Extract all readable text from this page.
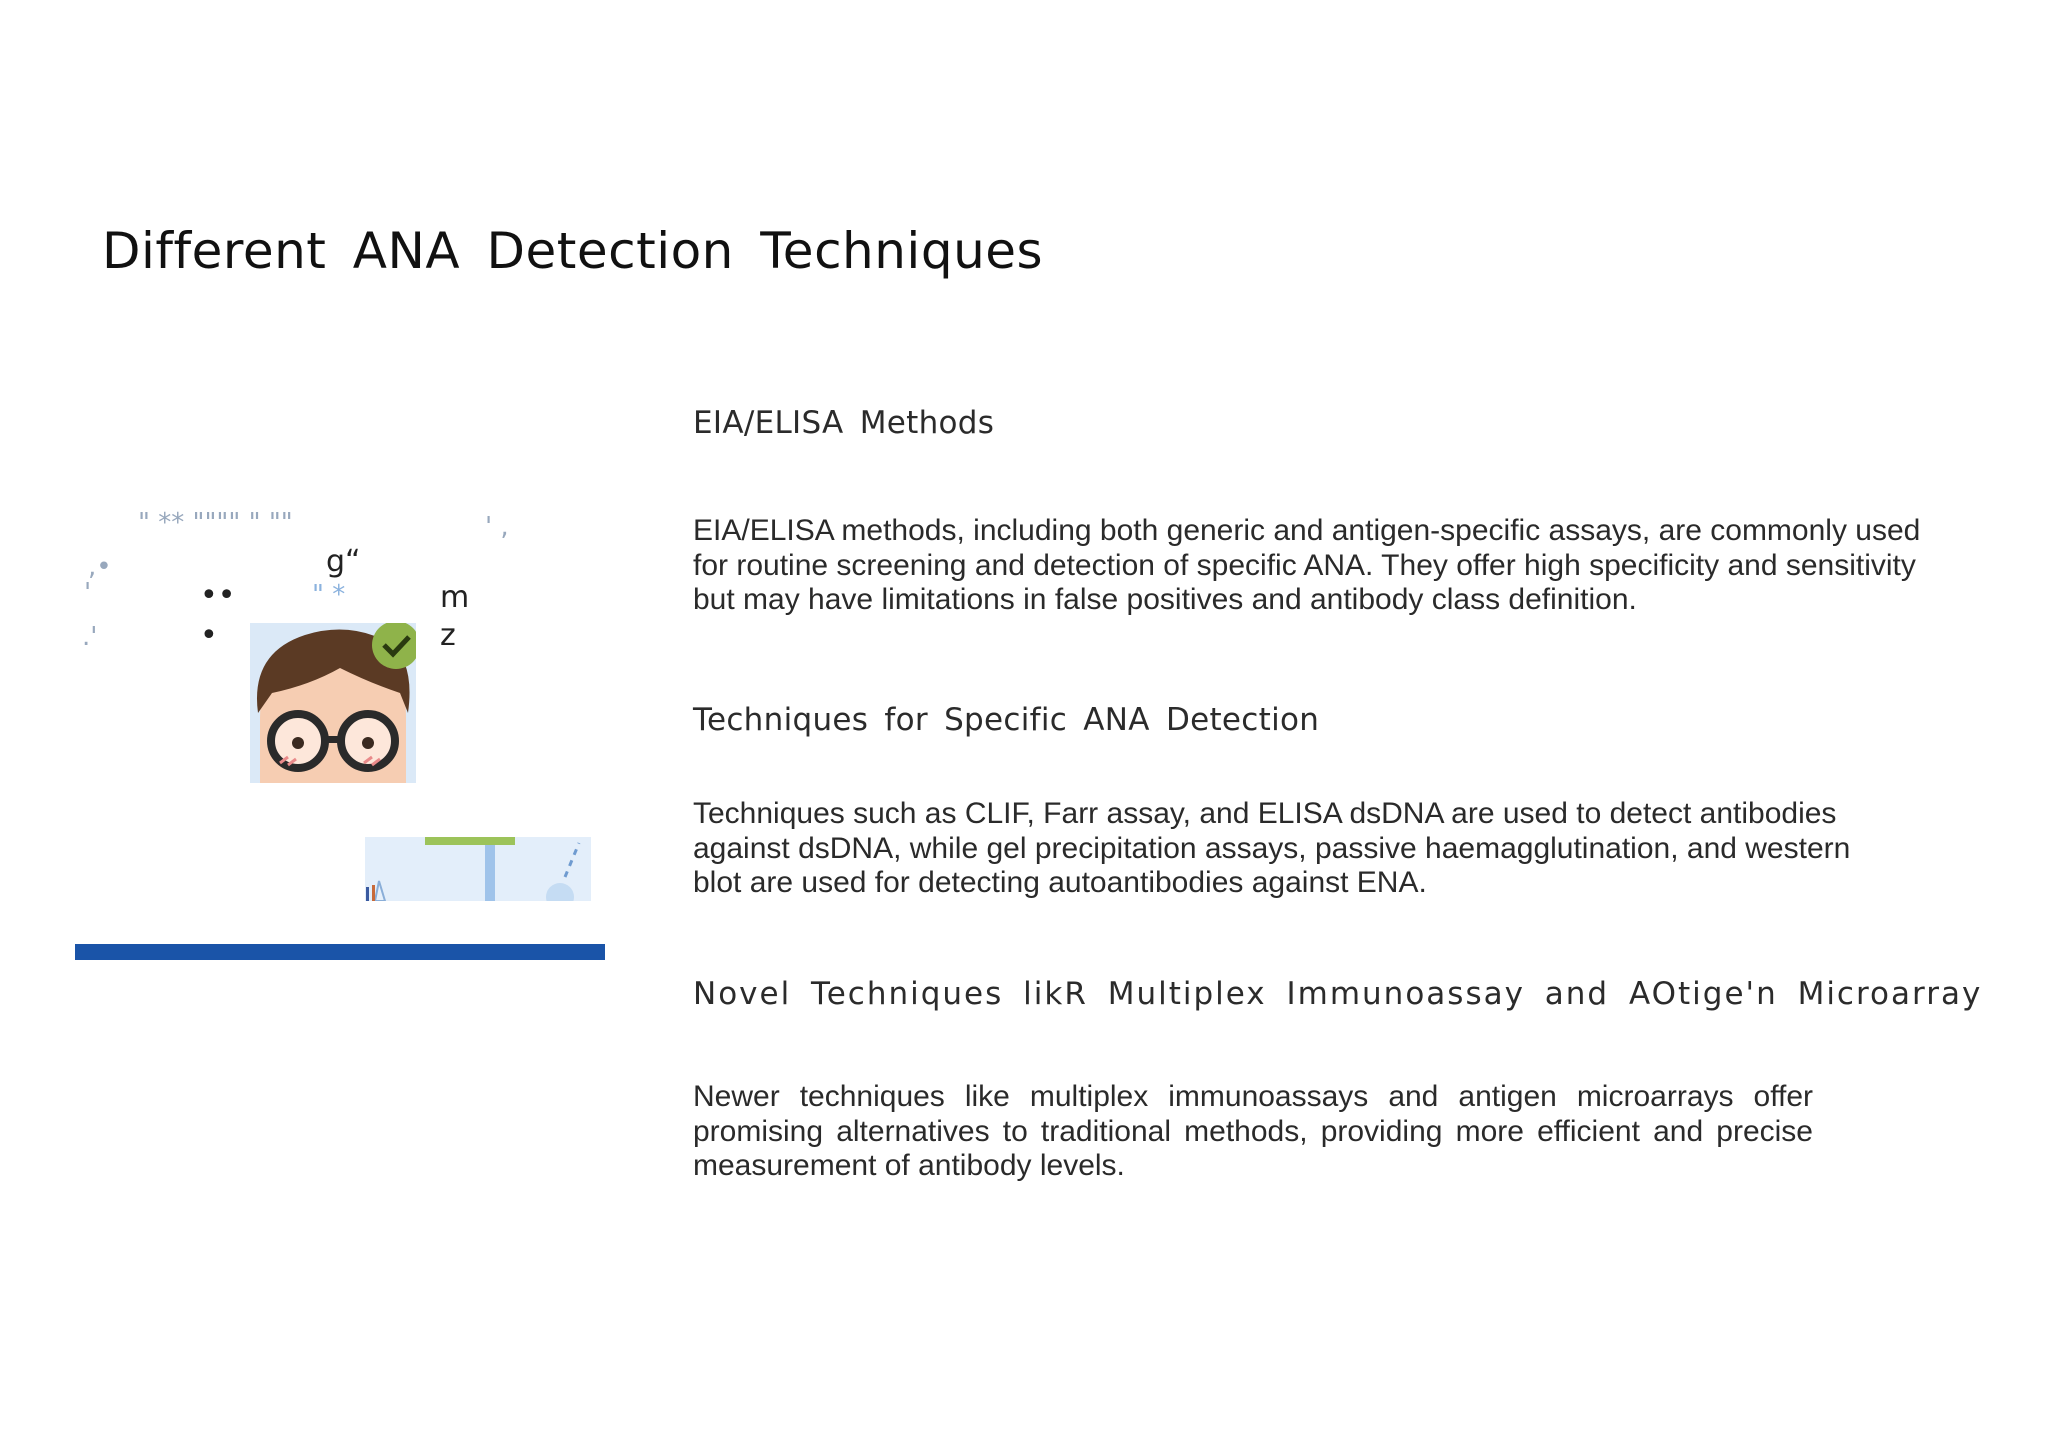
Different ANA Detection Techniques
EIA/ELISA Methods
EIA/ELISA methods, including both generic and antigen-specific assays, are commonly used for routine screening and detection of specific ANA. They offer high specificity and sensitivity but may have limitations in false positives and antibody class definition.
Techniques for Specific ANA Detection
Techniques such as CLIF, Farr assay, and ELISA dsDNA are used to detect antibodies against dsDNA, while gel precipitation assays, passive haemagglutination, and western blot are used for detecting autoantibodies against ENA.
Novel Techniques likR Multiplex Immunoassay and AOtige'n Microarray
Newer techniques like multiplex immunoassays and antigen microarrays offer promising alternatives to traditional methods, providing more efficient and precise measurement of antibody levels.
" ** """" " ""	' ,
,•
'
.'
g“
••	" *	m
•	z
